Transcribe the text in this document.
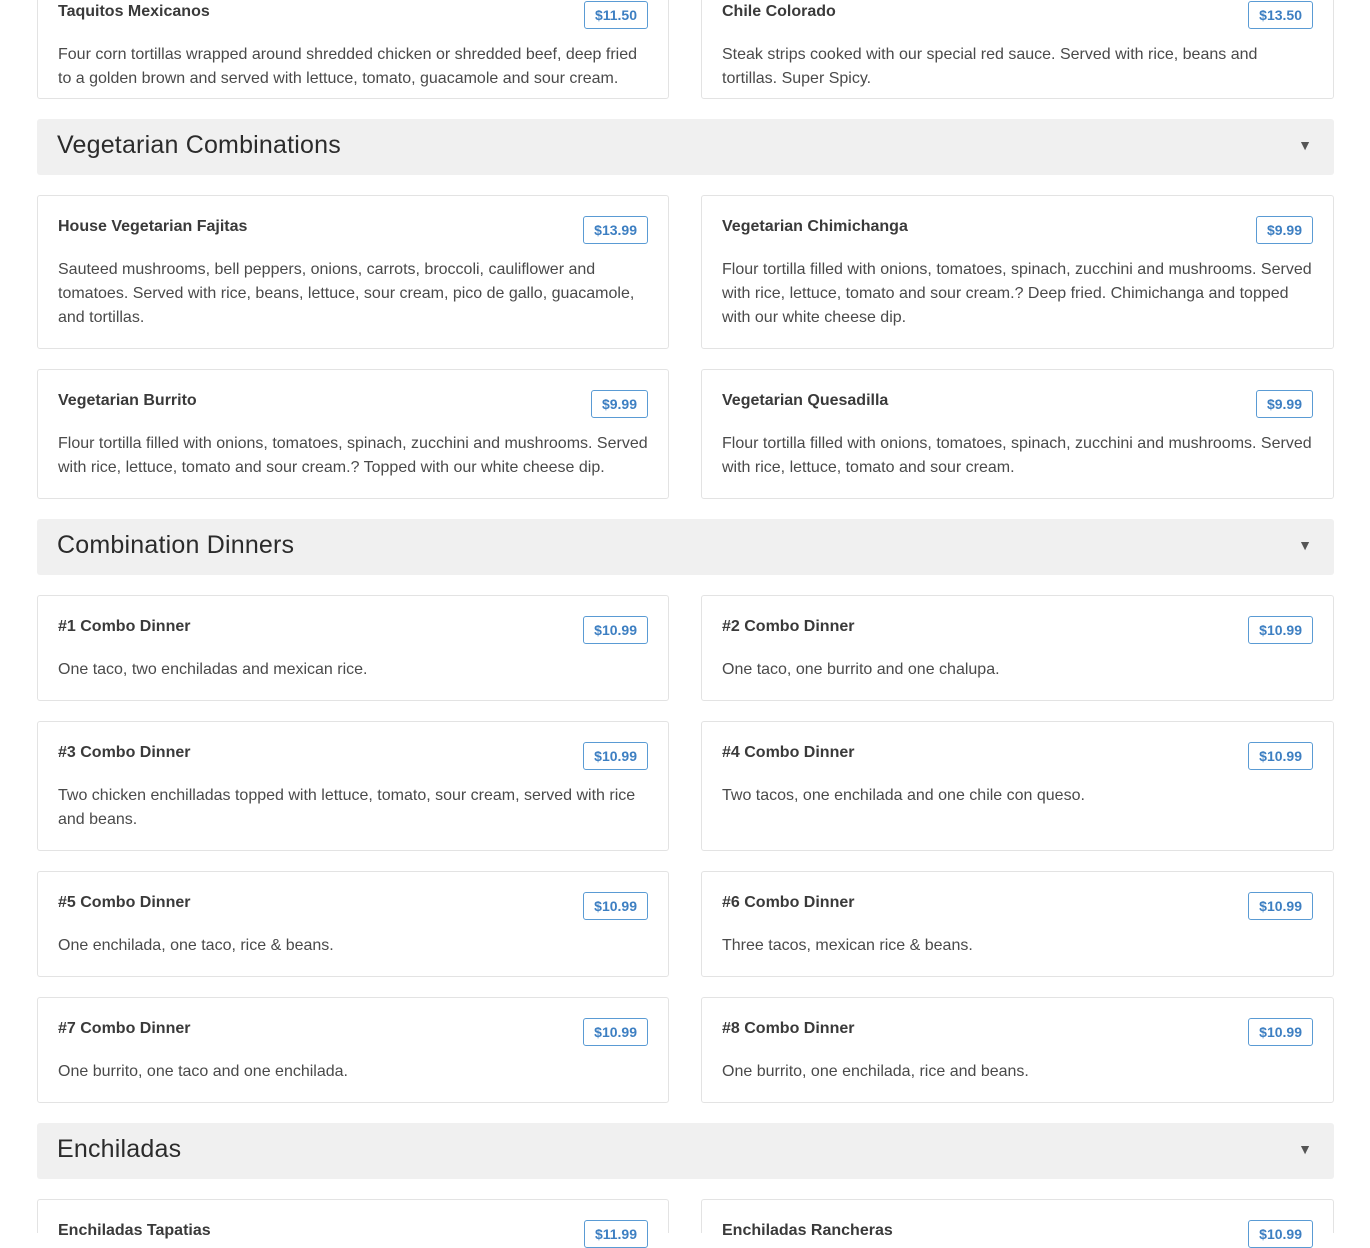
Taquitos Mexicanos	$11.50

Four corn tortillas wrapped around shredded chicken or shredded beef, deep fried to a golden brown and served with lettuce, tomato, guacamole and sour cream.

Chile Colorado	$13.50

Steak strips cooked with our special red sauce. Served with rice, beans and tortillas. Super Spicy.

Vegetarian Combinations	▼
House Vegetarian Fajitas	$13.99

Sauteed mushrooms, bell peppers, onions, carrots, broccoli, cauliflower and tomatoes. Served with rice, beans, lettuce, sour cream, pico de gallo, guacamole, and tortillas.

Vegetarian Chimichanga	$9.99

Flour tortilla filled with onions, tomatoes, spinach, zucchini and mushrooms. Served with rice, lettuce, tomato and sour cream.? Deep fried. Chimichanga and topped with our white cheese dip.

Vegetarian Burrito	$9.99

Flour tortilla filled with onions, tomatoes, spinach, zucchini and mushrooms. Served with rice, lettuce, tomato and sour cream.? Topped with our white cheese dip.

Vegetarian Quesadilla	$9.99

Flour tortilla filled with onions, tomatoes, spinach, zucchini and mushrooms. Served with rice, lettuce, tomato and sour cream.

Combination Dinners	▼
#1 Combo Dinner	$10.99

One taco, two enchiladas and mexican rice.

#2 Combo Dinner	$10.99

One taco, one burrito and one chalupa.

#3 Combo Dinner	$10.99

Two chicken enchilladas topped with lettuce, tomato, sour cream, served with rice and beans.

#4 Combo Dinner	$10.99

Two tacos, one enchilada and one chile con queso.

#5 Combo Dinner	$10.99

One enchilada, one taco, rice & beans.

#6 Combo Dinner	$10.99

Three tacos, mexican rice & beans.

#7 Combo Dinner	$10.99

One burrito, one taco and one enchilada.

#8 Combo Dinner	$10.99

One burrito, one enchilada, rice and beans.

Enchiladas	▼
Enchiladas Tapatias	$11.99	Enchiladas Rancheras	$10.99
